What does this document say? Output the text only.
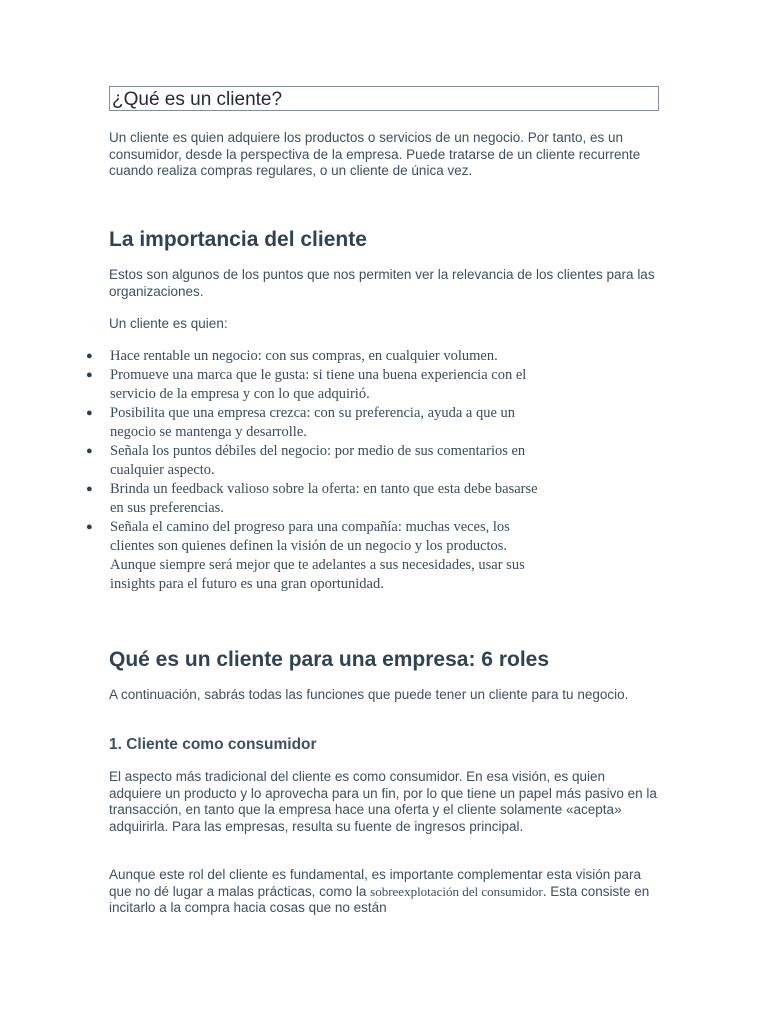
¿Qué es un cliente?

Un cliente es quien adquiere los productos o servicios de un negocio. Por tanto, es un consumidor, desde la perspectiva de la empresa. Puede tratarse de un cliente recurrente cuando realiza compras regulares, o un cliente de única vez.

La importancia del cliente

Estos son algunos de los puntos que nos permiten ver la relevancia de los clientes para las organizaciones.

Un cliente es quien:

● Hace rentable un negocio: con sus compras, en cualquier volumen.
● Promueve una marca que le gusta: si tiene una buena experiencia con el servicio de la empresa y con lo que adquirió.
● Posibilita que una empresa crezca: con su preferencia, ayuda a que un negocio se mantenga y desarrolle.
● Señala los puntos débiles del negocio: por medio de sus comentarios en cualquier aspecto.
● Brinda un feedback valioso sobre la oferta: en tanto que esta debe basarse en sus preferencias.
● Señala el camino del progreso para una compañía: muchas veces, los clientes son quienes definen la visión de un negocio y los productos. Aunque siempre será mejor que te adelantes a sus necesidades, usar sus insights para el futuro es una gran oportunidad.
Qué es un cliente para una empresa: 6 roles

A continuación, sabrás todas las funciones que puede tener un cliente para tu negocio.

1. Cliente como consumidor

El aspecto más tradicional del cliente es como consumidor. En esa visión, es quien adquiere un producto y lo aprovecha para un fin, por lo que tiene un papel más pasivo en la transacción, en tanto que la empresa hace una oferta y el cliente solamente «acepta» adquirirla. Para las empresas, resulta su fuente de ingresos principal.

Aunque este rol del cliente es fundamental, es importante complementar esta visión para que no dé lugar a malas prácticas, como la sobreexplotación del consumidor. Esta consiste en incitarlo a la compra hacia cosas que no están
